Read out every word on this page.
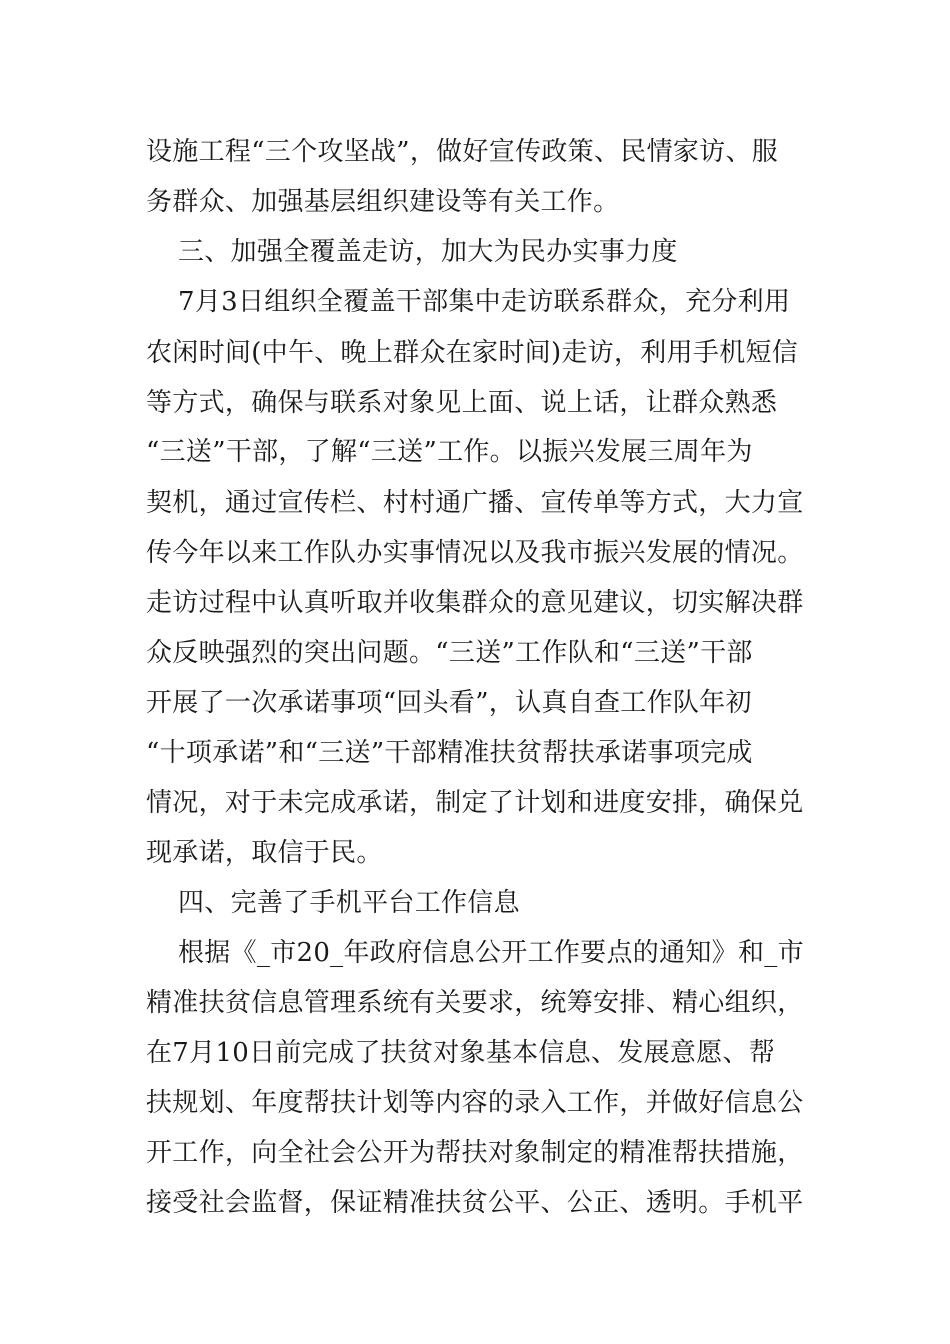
设施工程“三个攻坚战”，做好宣传政策、民情家访、服
务群众、加强基层组织建设等有关工作。
三、加强全覆盖走访，加大为民办实事力度
7月3日组织全覆盖干部集中走访联系群众，充分利用
农闲时间(中午、晚上群众在家时间)走访，利用手机短信
等方式，确保与联系对象见上面、说上话，让群众熟悉
“三送”干部，了解“三送”工作。以振兴发展三周年为
契机，通过宣传栏、村村通广播、宣传单等方式，大力宣
传今年以来工作队办实事情况以及我市振兴发展的情况。
走访过程中认真听取并收集群众的意见建议，切实解决群
众反映强烈的突出问题。“三送”工作队和“三送”干部
开展了一次承诺事项“回头看”，认真自查工作队年初
“十项承诺”和“三送”干部精准扶贫帮扶承诺事项完成
情况，对于未完成承诺，制定了计划和进度安排，确保兑
现承诺，取信于民。
四、完善了手机平台工作信息
根据《_市20_年政府信息公开工作要点的通知》和_市
精准扶贫信息管理系统有关要求，统筹安排、精心组织，
在7月10日前完成了扶贫对象基本信息、发展意愿、帮
扶规划、年度帮扶计划等内容的录入工作，并做好信息公
开工作，向全社会公开为帮扶对象制定的精准帮扶措施，
接受社会监督，保证精准扶贫公平、公正、透明。手机平
